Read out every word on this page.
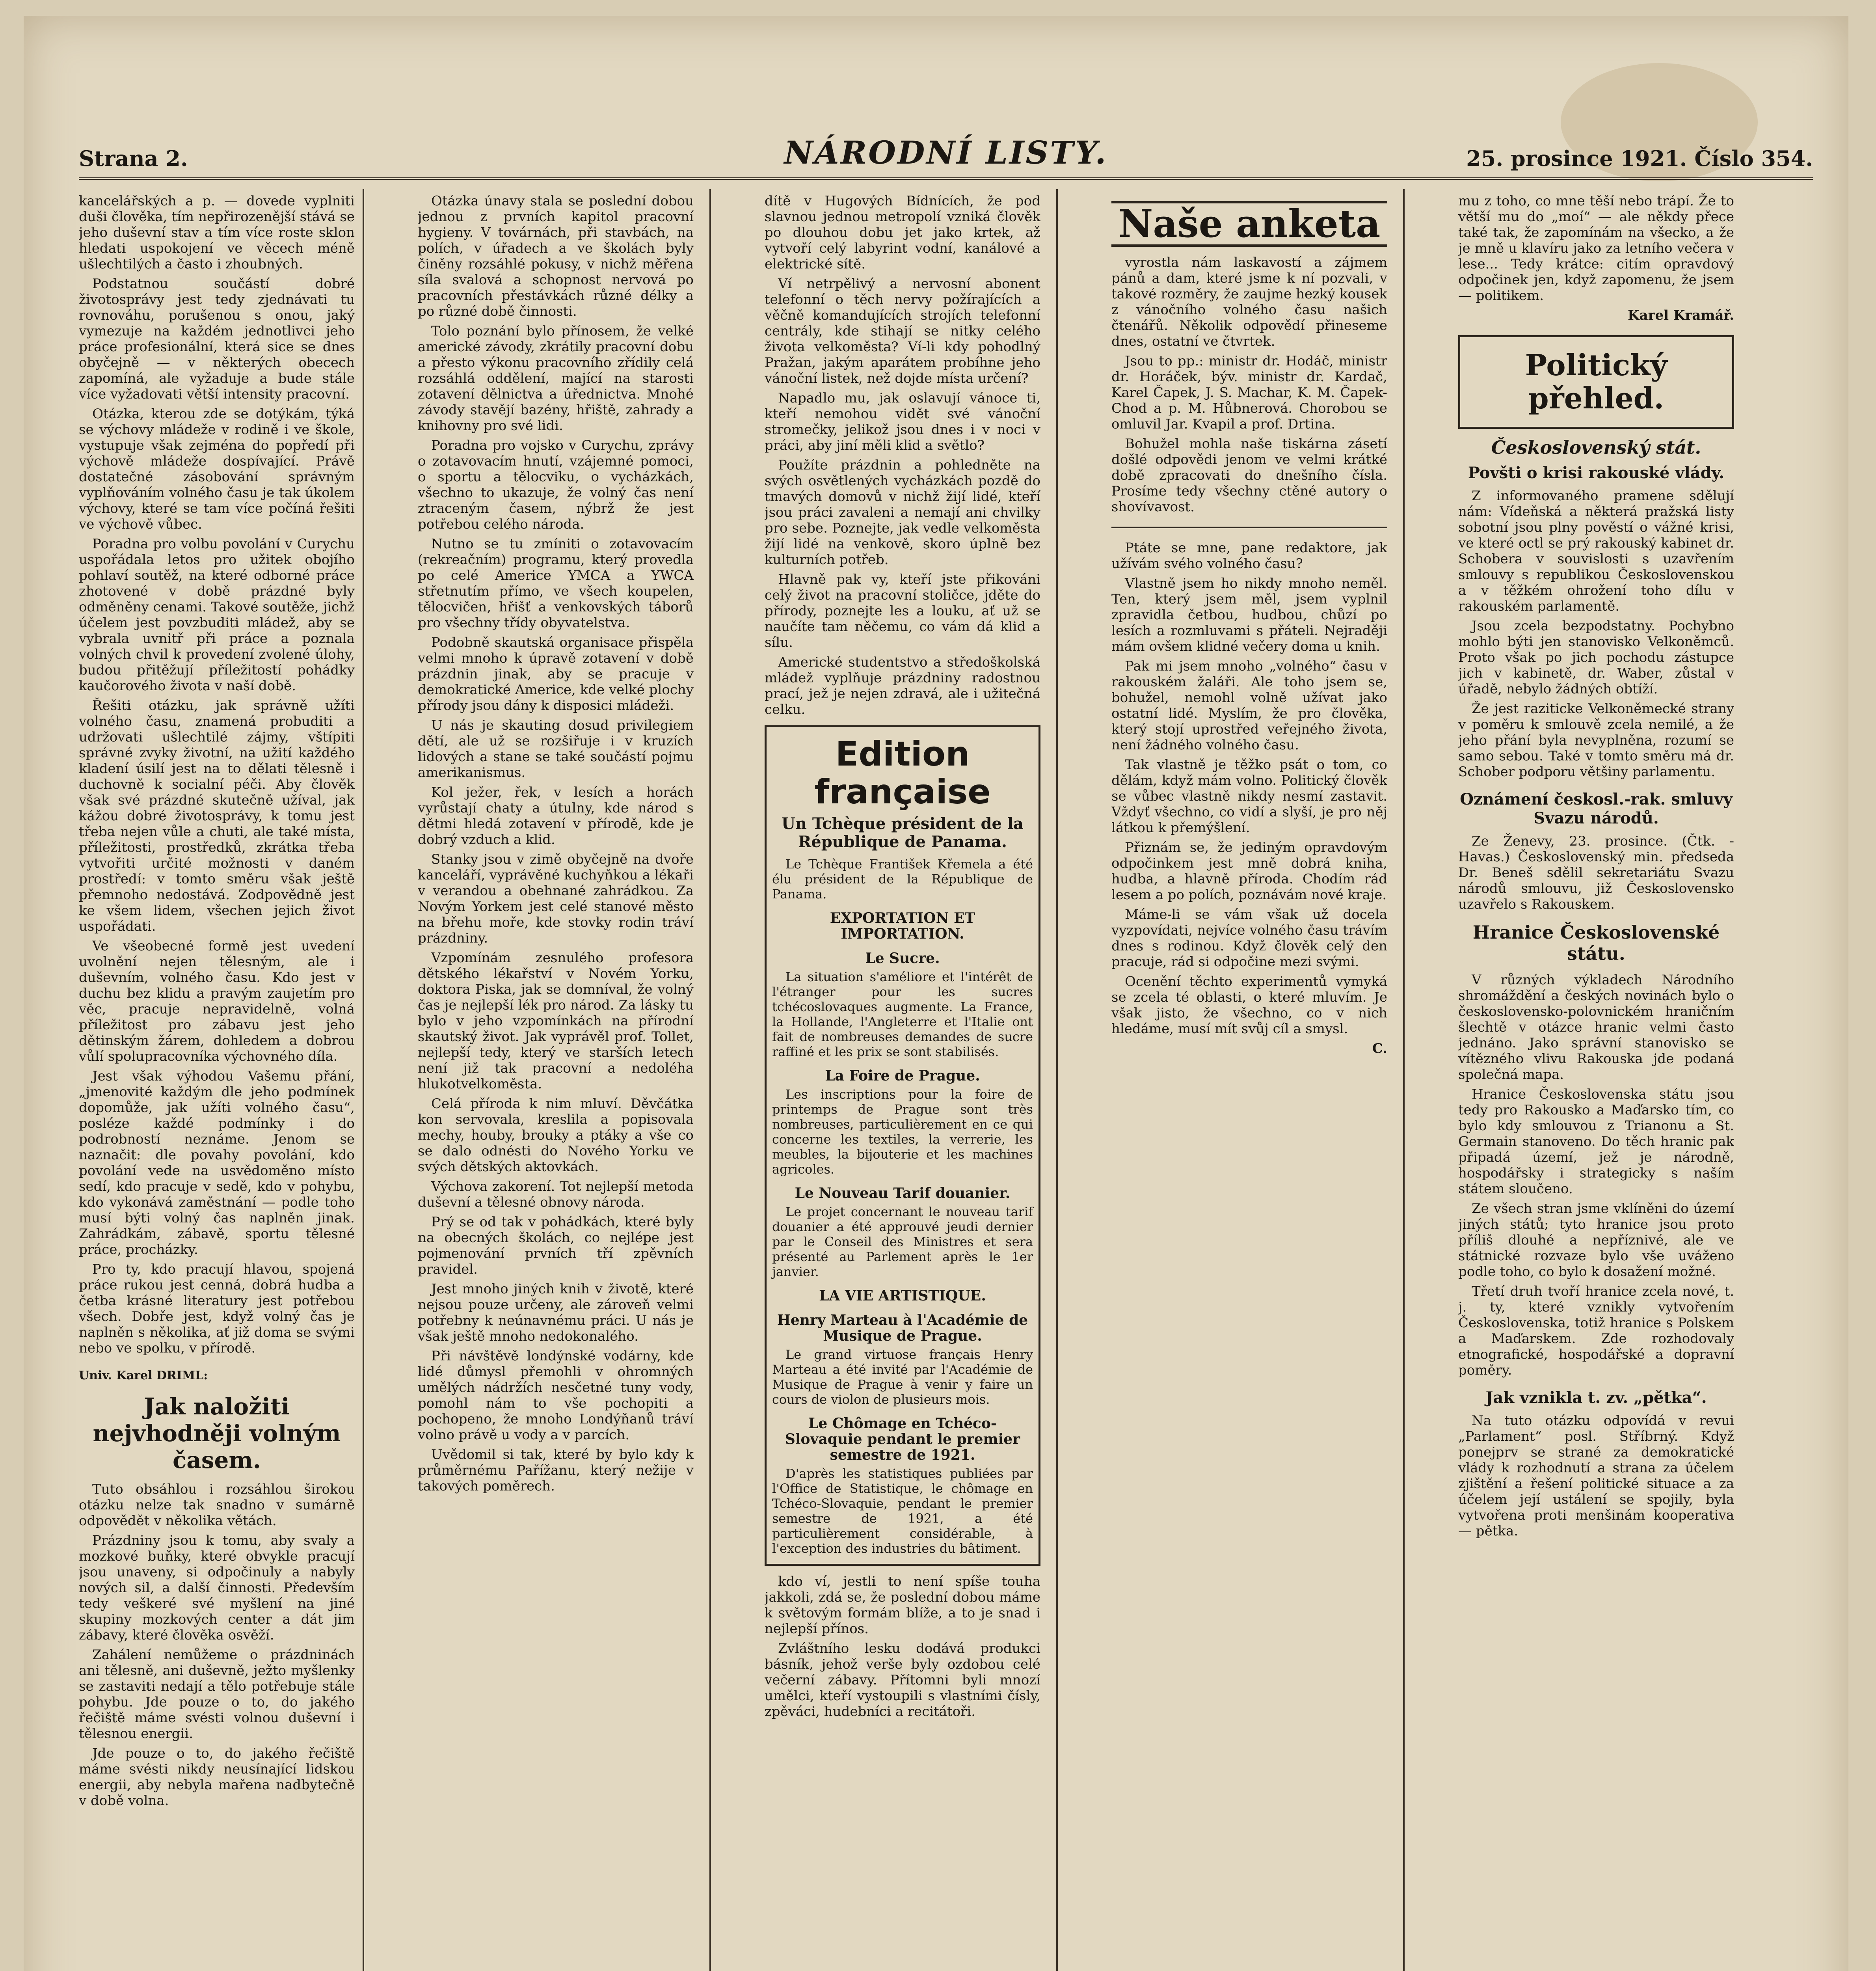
Strana 2.	NÁRODNÍ LISTY.	25. prosince 1921. Číslo 354.

kancelářských a p. — dovede vyplniti duši člověka, tím nepřirozenější stává se jeho duševní stav a tím více roste sklon hledati uspokojení ve věcech méně ušlechtilých a často i zhoubných.

Podstatnou součástí dobré životosprávy jest tedy zjednávati tu rovnováhu, porušenou s onou, jaký vymezuje na každém jednotlivci jeho práce profesionální, která sice se dnes obyčejně — v některých obecech zapomíná, ale vyžaduje a bude stále více vyžadovati větší intensity pracovní.

Otázka, kterou zde se dotýkám, týká se výchovy mládeže v rodině i ve škole, vystupuje však zejména do popředí při výchově mládeže dospívající. Právě dostatečné zásobování správným vyplňováním volného času je tak úkolem výchovy, které se tam více počíná řešiti ve výchově vůbec.

Poradna pro volbu povolání v Curychu uspořádala letos pro užitek obojího pohlaví soutěž, na které odborné práce zhotovené v době prázdné byly odměněny cenami. Takové soutěže, jichž účelem jest povzbuditi mládež, aby se vybrala uvnitř při práce a poznala volných chvil k provedení zvolené úlohy, budou přitěžují příležitostí pohádky kaučorového života v naší době.

Řešiti otázku, jak správně užíti volného času, znamená probuditi a udržovati ušlechtilé zájmy, vštípiti správné zvyky životní, na užití každého kladení úsilí jest na to dělati tělesně i duchovně k socialní péči. Aby člověk však své prázdné skutečně užíval, jak kážou dobré životosprávy, k tomu jest třeba nejen vůle a chuti, ale také místa, příležitosti, prostředků, zkrátka třeba vytvořiti určité možnosti v daném prostředí: v tomto směru však ještě přemnoho nedostává. Zodpovědně jest ke všem lidem, všechen jejich život uspořádati.

Ve všeobecné formě jest uvedení uvolnění nejen tělesným, ale i duševním, volného času. Kdo jest v duchu bez klidu a pravým zaujetím pro věc, pracuje nepravidelně, volná příležitost pro zábavu jest jeho dětinským žárem, dohledem a dobrou vůlí spolupracovníka výchovného díla.

Jest však výhodou Vašemu přání, „jmenovité každým dle jeho podmínek dopomůže, jak užíti volného času“, posléze každé podmínky i do podrobností neznáme. Jenom se naznačit: dle povahy povolání, kdo povolání vede na usvědoměno místo sedí, kdo pracuje v sedě, kdo v pohybu, kdo vykonává zaměstnání — podle toho musí býti volný čas naplněn jinak. Zahrádkám, zábavě, sportu tělesné práce, procházky.

Pro ty, kdo pracují hlavou, spojená práce rukou jest cenná, dobrá hudba a četba krásné literatury jest potřebou všech. Dobře jest, když volný čas je naplněn s několika, ať již doma se svými nebo ve spolku, v přírodě.

Univ. Karel DRIML:
Jak naložiti nejvhodněji volným časem.

Tuto obsáhlou i rozsáhlou širokou otázku nelze tak snadno v sumárně odpovědět v několika větách.

Prázdniny jsou k tomu, aby svaly a mozkové buňky, které obvykle pracují jsou unaveny, si odpočinuly a nabyly nových sil, a další činnosti. Především tedy veškeré své myšlení na jiné skupiny mozkových center a dát jim zábavy, které člověka osvěží.

Zahálení nemůžeme o prázdninách ani tělesně, ani duševně, ježto myšlenky se zastaviti nedají a tělo potřebuje stále pohybu. Jde pouze o to, do jakého řečiště máme svésti volnou duševní i tělesnou energii.

Jde pouze o to, do jakého řečiště máme svésti nikdy neusínající lidskou energii, aby nebyla mařena nadbytečně v době volna.

Otázka únavy stala se poslední dobou jednou z prvních kapitol pracovní hygieny. V továrnách, při stavbách, na polích, v úřadech a ve školách byly činěny rozsáhlé pokusy, v nichž měřena síla svalová a schopnost nervová po pracovních přestávkách různé délky a po různé době činnosti.

Tolo poznání bylo přínosem, že velké americké závody, zkrátily pracovní dobu a přesto výkonu pracovního zřídily celá rozsáhlá oddělení, mající na starosti zotavení dělnictva a úřednictva. Mnohé závody stavějí bazény, hřiště, zahrady a knihovny pro své lidi.

Poradna pro vojsko v Curychu, zprávy o zotavovacím hnutí, vzájemné pomoci, o sportu a tělocviku, o vycházkách, všechno to ukazuje, že volný čas není ztraceným časem, nýbrž že jest potřebou celého národa.

Nutno se tu zmíniti o zotavovacím (rekreačním) programu, který provedla po celé Americe YMCA a YWCA střetnutím přímo, ve všech koupelen, tělocvičen, hřišť a venkovských táborů pro všechny třídy obyvatelstva.

Podobně skautská organisace přispěla velmi mnoho k úpravě zotavení v době prázdnin jinak, aby se pracuje v demokratické Americe, kde velké plochy přírody jsou dány k disposici mládeži.

U nás je skauting dosud privilegiem dětí, ale už se rozšiřuje i v kruzích lidových a stane se také součástí pojmu amerikanismus.

Kol ježer, řek, v lesích a horách vyrůstají chaty a útulny, kde národ s dětmi hledá zotavení v přírodě, kde je dobrý vzduch a klid.

Stanky jsou v zimě obyčejně na dvoře kanceláří, vyprávěné kuchyňkou a lékaři v verandou a obehnané zahrádkou. Za Novým Yorkem jest celé stanové město na břehu moře, kde stovky rodin tráví prázdniny.

Vzpomínám zesnulého profesora dětského lékařství v Novém Yorku, doktora Piska, jak se domníval, že volný čas je nejlepší lék pro národ. Za lásky tu bylo v jeho vzpomínkách na přírodní skautský život. Jak vyprávěl prof. Tollet, nejlepší tedy, který ve starších letech není již tak pracovní a nedoléha hlukotvelkoměsta.

Celá příroda k nim mluví. Děvčátka kon servovala, kreslila a popisovala mechy, houby, brouky a ptáky a vše co se dalo odnésti do Nového Yorku ve svých dětských aktovkách.

Výchova zakorení. Tot nejlepší metoda duševní a tělesné obnovy národa.

Prý se od tak v pohádkách, které byly na obecných školách, co nejlépe jest pojmenování prvních tří zpěvních pravidel.

Jest mnoho jiných knih v životě, které nejsou pouze určeny, ale zároveň velmi potřebny k neúnavnému práci. U nás je však ještě mnoho nedokonalého.

Při návštěvě londýnské vodárny, kde lidé důmysl přemohli v ohromných umělých nádržích nesčetné tuny vody, pomohl nám to vše pochopiti a pochopeno, že mnoho Londýňanů tráví volno právě u vody a v parcích.

Uvědomil si tak, které by bylo kdy k průměrnému Pařížanu, který nežije v takových poměrech.

dítě v Hugových Bídnících, že pod slavnou jednou metropolí vzniká člověk po dlouhou dobu jet jako krtek, až vytvoří celý labyrint vodní, kanálové a elektrické sítě.

Ví netrpělivý a nervosní abonent telefonní o těch nervy požírajících a věčně komandujících strojích telefonní centrály, kde stihají se nitky celého života velkoměsta? Ví-li kdy pohodlný Pražan, jakým aparátem probíhne jeho vánoční listek, než dojde místa určení?

Napadlo mu, jak oslavují vánoce ti, kteří nemohou vidět své vánoční stromečky, jelikož jsou dnes i v noci v práci, aby jiní měli klid a světlo?

Použíte prázdnin a pohledněte na svých osvětlených vycházkách pozdě do tmavých domovů v nichž žijí lidé, kteří jsou práci zavaleni a nemají ani chvilky pro sebe. Poznejte, jak vedle velkoměsta žijí lidé na venkově, skoro úplně bez kulturních potřeb.

Hlavně pak vy, kteří jste přikováni celý život na pracovní stoličce, jděte do přírody, poznejte les a louku, ať už se naučíte tam něčemu, co vám dá klid a sílu.

Americké studentstvo a středoškolská mládež vyplňuje prázdniny radostnou prací, jež je nejen zdravá, ale i užitečná celku.

Edition française
Un Tchèque président de la République de Panama.

Le Tchèque František Křemela a été élu président de la République de Panama.

EXPORTATION ET IMPORTATION.
Le Sucre.

La situation s'améliore et l'intérêt de l'étranger pour les sucres tchécoslovaques augmente. La France, la Hollande, l'Angleterre et l'Italie ont fait de nombreuses demandes de sucre raffiné et les prix se sont stabilisés.

La Foire de Prague.

Les inscriptions pour la foire de printemps de Prague sont très nombreuses, particulièrement en ce qui concerne les textiles, la verrerie, les meubles, la bijouterie et les machines agricoles.

Le Nouveau Tarif douanier.

Le projet concernant le nouveau tarif douanier a été approuvé jeudi dernier par le Conseil des Ministres et sera présenté au Parlement après le 1er janvier.

LA VIE ARTISTIQUE.
Henry Marteau à l'Académie de Musique de Prague.

Le grand virtuose français Henry Marteau a été invité par l'Académie de Musique de Prague à venir y faire un cours de violon de plusieurs mois.

Le Chômage en Tchéco-Slovaquie pendant le premier semestre de 1921.

D'après les statistiques publiées par l'Office de Statistique, le chômage en Tchéco-Slovaquie, pendant le premier semestre de 1921, a été particulièrement considérable, à l'exception des industries du bâtiment.

kdo ví, jestli to není spíše touha jakkoli, zdá se, že poslední dobou máme k světovým formám blíže, a to je snad i nejlepší přínos.

Zvláštního lesku dodává produkci básník, jehož verše byly ozdobou celé večerní zábavy. Přítomni byli mnozí umělci, kteří vystoupili s vlastními čísly, zpěváci, hudebníci a recitátoři.

Naše anketa

vyrostla nám laskavostí a zájmem pánů a dam, které jsme k ní pozvali, v takové rozměry, že zaujme hezký kousek z vánočního volného času našich čtenářů. Několik odpovědí přineseme dnes, ostatní ve čtvrtek.

Jsou to pp.: ministr dr. Hodáč, ministr dr. Horáček, býv. ministr dr. Kardač, Karel Čapek, J. S. Machar, K. M. Čapek-Chod a p. M. Hůbnerová. Chorobou se omluvil Jar. Kvapil a prof. Drtina.

Bohužel mohla naše tiskárna zásetí došlé odpovědi jenom ve velmi krátké době zpracovati do dnešního čísla. Prosíme tedy všechny ctěné autory o shovívavost.

Ptáte se mne, pane redaktore, jak užívám svého volného času?

Vlastně jsem ho nikdy mnoho neměl. Ten, který jsem měl, jsem vyplnil zpravidla četbou, hudbou, chůzí po lesích a rozmluvami s přáteli. Nejraději mám ovšem klidné večery doma u knih.

Pak mi jsem mnoho „volného“ času v rakouském žaláři. Ale toho jsem se, bohužel, nemohl volně užívat jako ostatní lidé. Myslím, že pro člověka, který stojí uprostřed veřejného života, není žádného volného času.

Tak vlastně je těžko psát o tom, co dělám, když mám volno. Politický člověk se vůbec vlastně nikdy nesmí zastavit. Vždyť všechno, co vidí a slyší, je pro něj látkou k přemýšlení.

Přiznám se, že jediným opravdovým odpočinkem jest mně dobrá kniha, hudba, a hlavně příroda. Chodím rád lesem a po polích, poznávám nové kraje.

Máme-li se vám však už docela vyzpovídati, nejvíce volného času trávím dnes s rodinou. Když člověk celý den pracuje, rád si odpočine mezi svými.

Ocenění těchto experimentů vymyká se zcela té oblasti, o které mluvím. Je však jisto, že všechno, co v nich hledáme, musí mít svůj cíl a smysl.

C.

mu z toho, co mne těší nebo trápí. Že to větší mu do „moí“ — ale někdy přece také tak, že zapomínám na všecko, a že je mně u klavíru jako za letního večera v lese... Tedy krátce: citím opravdový odpočinek jen, když zapomenu, že jsem — politikem.

Karel Kramář.

Politický přehled.
Československý stát.
Povšti o krisi rakouské vlády.

Z informovaného pramene sdělují nám: Vídeňská a některá pražská listy sobotní jsou plny pověstí o vážné krisi, ve které octl se prý rakouský kabinet dr. Schobera v souvislosti s uzavřením smlouvy s republikou Československou a v těžkém ohrožení toho dílu v rakouském parlamentě.

Jsou zcela bezpodstatny. Pochybno mohlo býti jen stanovisko Velkoněmců. Proto však po jich pochodu zástupce jich v kabinetě, dr. Waber, zůstal v úřadě, nebylo žádných obtíží.

Že jest raziticke Velkoněmecké strany v poměru k smlouvě zcela nemilé, a že jeho přání byla nevyplněna, rozumí se samo sebou. Také v tomto směru má dr. Schober podporu většiny parlamentu.

Oznámení českosl.-rak. smluvy Svazu národů.

Ze Ženevy, 23. prosince. (Čtk. - Havas.) Československý min. předseda Dr. Beneš sdělil sekretariátu Svazu národů smlouvu, již Československo uzavřelo s Rakouskem.

Hranice Československé státu.

V různých výkladech Národního shromáždění a českých novinách bylo o československo-polovnickém hraničním šlechtě v otázce hranic velmi často jednáno. Jako správní stanovisko se vítězného vlivu Rakouska jde podaná společná mapa.

Hranice Československa státu jsou tedy pro Rakousko a Maďarsko tím, co bylo kdy smlouvou z Trianonu a St. Germain stanoveno. Do těch hranic pak připadá území, jež je národně, hospodářsky i strategicky s naším státem sloučeno.

Ze všech stran jsme vklíněni do území jiných států; tyto hranice jsou proto příliš dlouhé a nepříznivé, ale ve státnické rozvaze bylo vše uváženo podle toho, co bylo k dosažení možné.

Třetí druh tvoří hranice zcela nové, t. j. ty, které vznikly vytvořením Československa, totiž hranice s Polskem a Maďarskem. Zde rozhodovaly etnografické, hospodářské a dopravní poměry.

Jak vznikla t. zv. „pětka“.

Na tuto otázku odpovídá v revui „Parlament“ posl. Stříbrný. Když ponejprv se strané za demokratické vlády k rozhodnutí a strana za účelem zjištění a řešení politické situace a za účelem její ustálení se spojily, byla vytvořena proti menšinám kooperativa — pětka.
